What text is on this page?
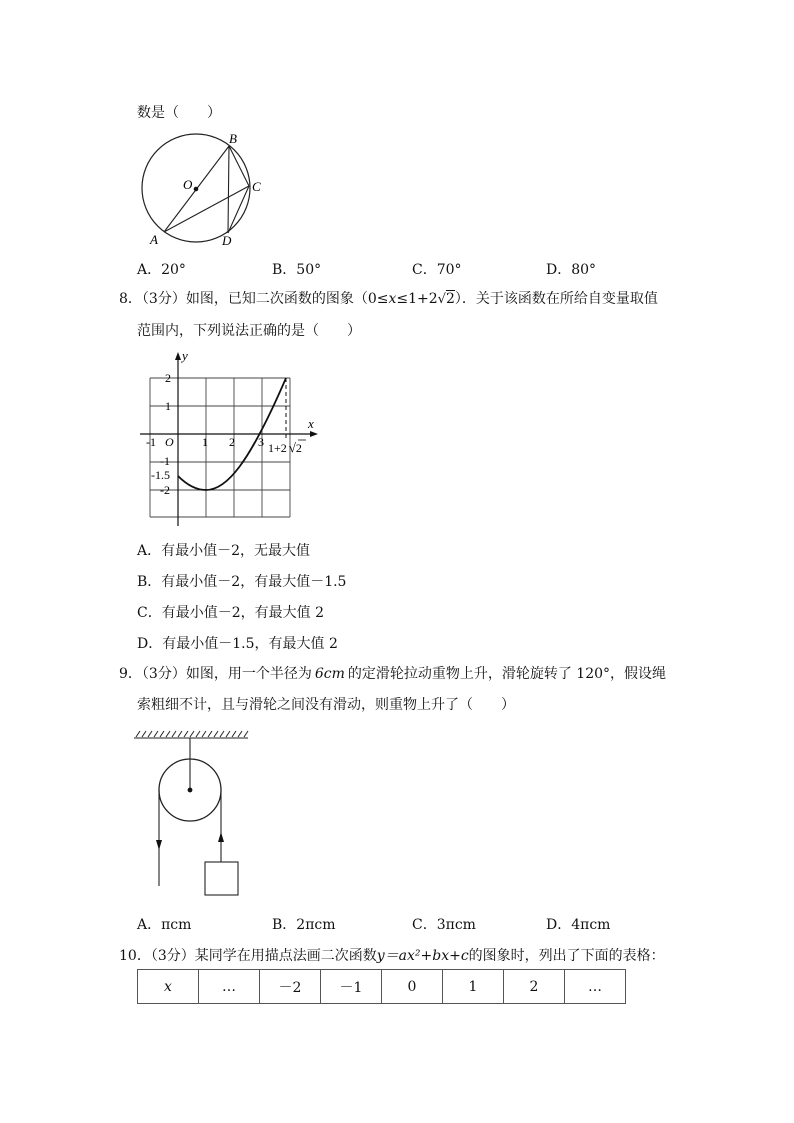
数是（　　）
B
O	C
A	D
A．20°	B．50°	C．70°	D．80°
8．（3分）如图，已知二次函数的图象（0≤x≤1+2√2）．关于该函数在所给自变量取值
范围内，下列说法正确的是（　　）
y
x
O
-1	1 2 3
2
1
-1
-1.5
-2
1+2 √2
A．有最小值－2，无最大值
B．有最小值－2，有最大值－1.5
C．有最小值－2，有最大值 2
D．有最小值－1.5，有最大值 2
9．（3分）如图，用一个半径为 6cm 的定滑轮拉动重物上升，滑轮旋转了 120°，假设绳
索粗细不计，且与滑轮之间没有滑动，则重物上升了（　　）
A．πcm	B．2πcm	C．3πcm	D．4πcm
10．（3分）某同学在用描点法画二次函数y＝ax²+bx+c的图象时，列出了下面的表格：
x	…	－2	－1	0	1	2	…
